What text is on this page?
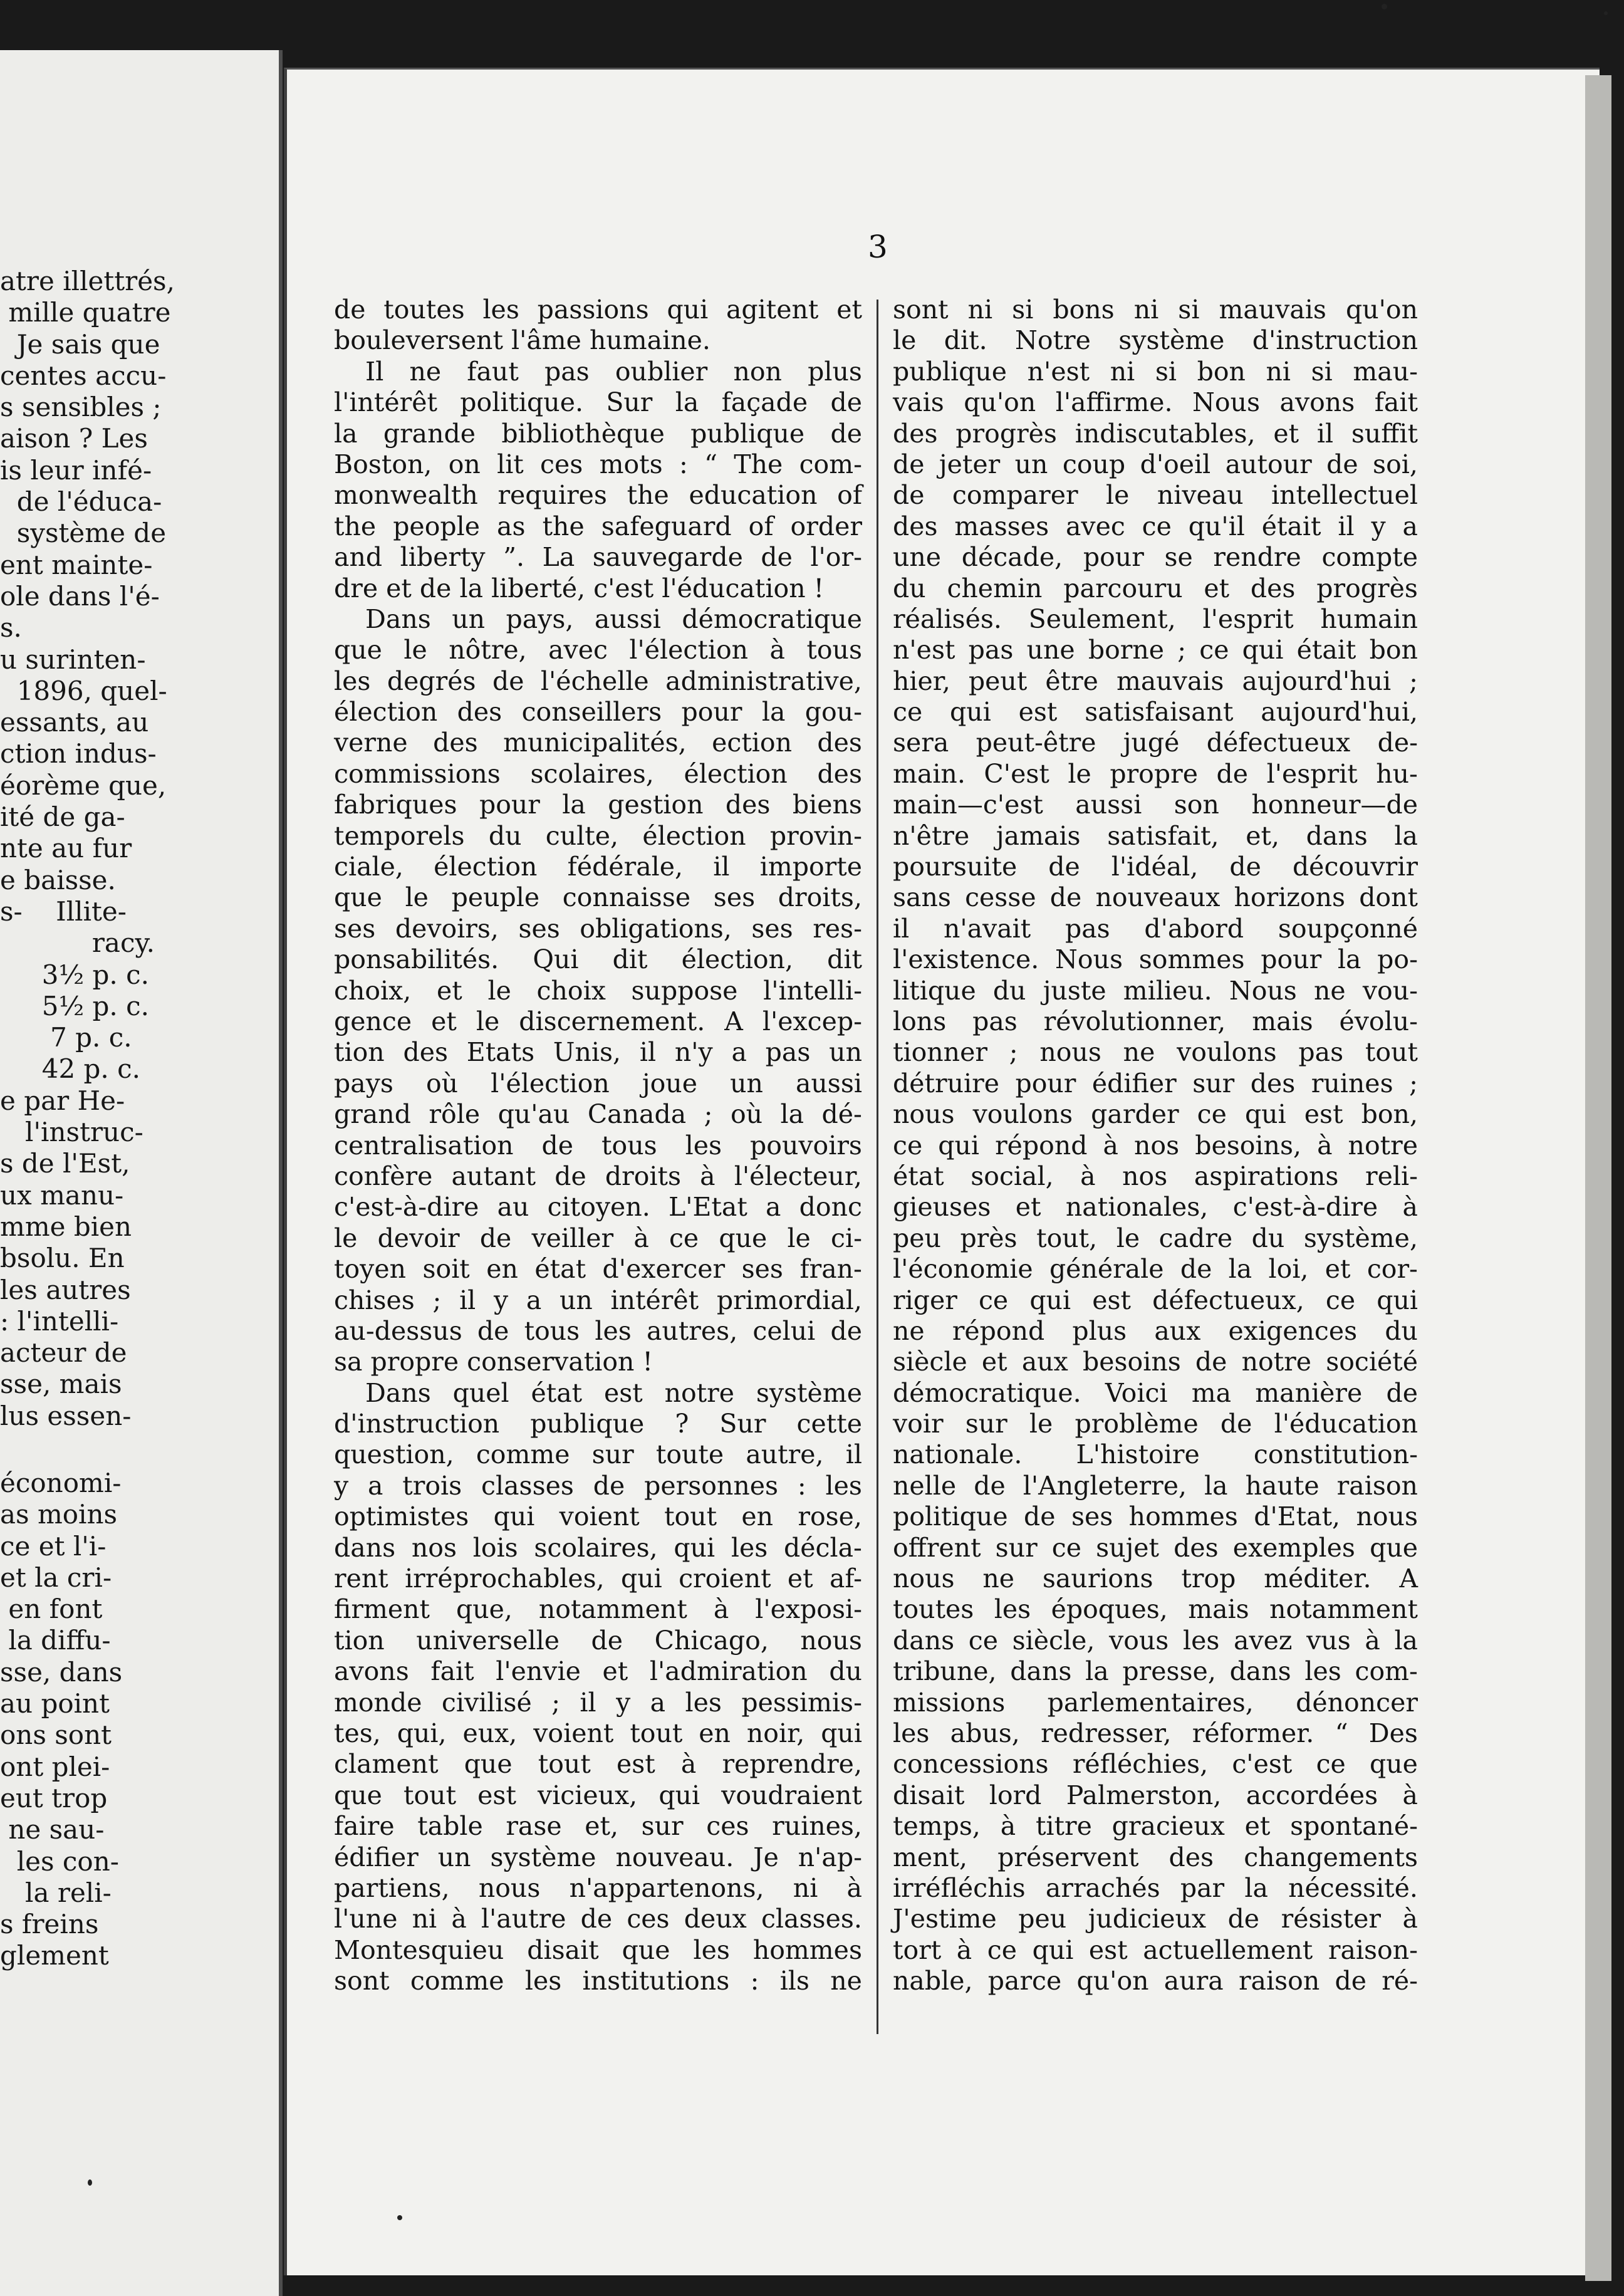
atre illettrés,
mille quatre
Je sais que
centes accu-
s sensibles ;
aison ? Les
is leur infé-
de l'éduca-
système de
ent mainte-
ole dans l'é-
s.
u surinten-
1896, quel-
essants, au
ction indus-
éorème que,
ité de ga-
nte au fur
e baisse.
s-    Illite-
racy.
3½ p. c.
5½ p. c.
7 p. c.
42 p. c.
e par He-
l'instruc-
s de l'Est,
ux manu-
mme bien
bsolu. En
les autres
: l'intelli-
acteur de
sse, mais
lus essen-
économi-
as moins
ce et l'i-
et la cri-
en font
la diffu-
sse, dans
au point
ons sont
ont plei-
eut trop
ne sau-
les con-
la reli-
s freins
glement
3
de toutes les passions qui agitent et
bouleversent l'âme humaine.
Il ne faut pas oublier non plus
l'intérêt politique. Sur la façade de
la grande bibliothèque publique de
Boston, on lit ces mots : “ The com-
monwealth requires the education of
the people as the safeguard of order
and liberty ”. La sauvegarde de l'or-
dre et de la liberté, c'est l'éducation !
Dans un pays, aussi démocratique
que le nôtre, avec l'élection à tous
les degrés de l'échelle administrative,
élection des conseillers pour la gou-
verne des municipalités, ection des
commissions scolaires, élection des
fabriques pour la gestion des biens
temporels du culte, élection provin-
ciale, élection fédérale, il importe
que le peuple connaisse ses droits,
ses devoirs, ses obligations, ses res-
ponsabilités. Qui dit élection, dit
choix, et le choix suppose l'intelli-
gence et le discernement. A l'excep-
tion des Etats Unis, il n'y a pas un
pays où l'élection joue un aussi
grand rôle qu'au Canada ; où la dé-
centralisation de tous les pouvoirs
confère autant de droits à l'électeur,
c'est-à-dire au citoyen. L'Etat a donc
le devoir de veiller à ce que le ci-
toyen soit en état d'exercer ses fran-
chises ; il y a un intérêt primordial,
au-dessus de tous les autres, celui de
sa propre conservation !
Dans quel état est notre système
d'instruction publique ? Sur cette
question, comme sur toute autre, il
y a trois classes de personnes : les
optimistes qui voient tout en rose,
dans nos lois scolaires, qui les décla-
rent irréprochables, qui croient et af-
firment que, notamment à l'exposi-
tion universelle de Chicago, nous
avons fait l'envie et l'admiration du
monde civilisé ; il y a les pessimis-
tes, qui, eux, voient tout en noir, qui
clament que tout est à reprendre,
que tout est vicieux, qui voudraient
faire table rase et, sur ces ruines,
édifier un système nouveau. Je n'ap-
partiens, nous n'appartenons, ni à
l'une ni à l'autre de ces deux classes.
Montesquieu disait que les hommes
sont comme les institutions : ils ne
sont ni si bons ni si mauvais qu'on
le dit. Notre système d'instruction
publique n'est ni si bon ni si mau-
vais qu'on l'affirme. Nous avons fait
des progrès indiscutables, et il suffit
de jeter un coup d'oeil autour de soi,
de comparer le niveau intellectuel
des masses avec ce qu'il était il y a
une décade, pour se rendre compte
du chemin parcouru et des progrès
réalisés. Seulement, l'esprit humain
n'est pas une borne ; ce qui était bon
hier, peut être mauvais aujourd'hui ;
ce qui est satisfaisant aujourd'hui,
sera peut-être jugé défectueux de-
main. C'est le propre de l'esprit hu-
main—c'est aussi son honneur—de
n'être jamais satisfait, et, dans la
poursuite de l'idéal, de découvrir
sans cesse de nouveaux horizons dont
il n'avait pas d'abord soupçonné
l'existence. Nous sommes pour la po-
litique du juste milieu. Nous ne vou-
lons pas révolutionner, mais évolu-
tionner ; nous ne voulons pas tout
détruire pour édifier sur des ruines ;
nous voulons garder ce qui est bon,
ce qui répond à nos besoins, à notre
état social, à nos aspirations reli-
gieuses et nationales, c'est-à-dire à
peu près tout, le cadre du système,
l'économie générale de la loi, et cor-
riger ce qui est défectueux, ce qui
ne répond plus aux exigences du
siècle et aux besoins de notre société
démocratique. Voici ma manière de
voir sur le problème de l'éducation
nationale. L'histoire constitution-
nelle de l'Angleterre, la haute raison
politique de ses hommes d'Etat, nous
offrent sur ce sujet des exemples que
nous ne saurions trop méditer. A
toutes les époques, mais notamment
dans ce siècle, vous les avez vus à la
tribune, dans la presse, dans les com-
missions parlementaires, dénoncer
les abus, redresser, réformer. “ Des
concessions réfléchies, c'est ce que
disait lord Palmerston, accordées à
temps, à titre gracieux et spontané-
ment, préservent des changements
irréfléchis arrachés par la nécessité.
J'estime peu judicieux de résister à
tort à ce qui est actuellement raison-
nable, parce qu'on aura raison de ré-
